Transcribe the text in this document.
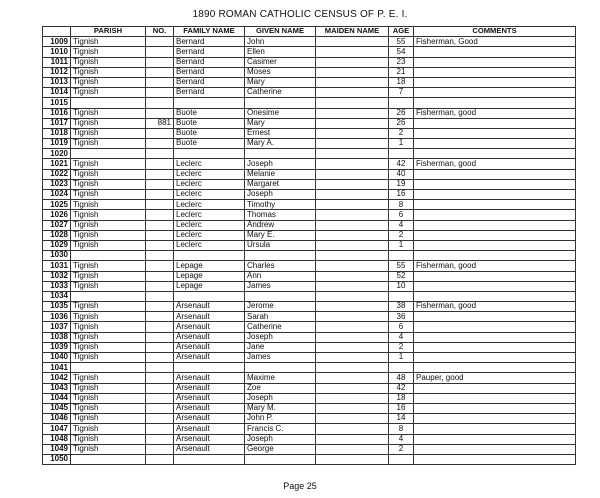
1890 ROMAN CATHOLIC CENSUS OF P. E. I.
	PARISH	NO.	FAMILY NAME	GIVEN NAME	MAIDEN NAME	AGE	COMMENTS
1009	Tignish		Bernard	John		55	Fisherman, Good
1010	Tignish		Bernard	Ellen		54	
1011	Tignish		Bernard	Casimer		23	
1012	Tignish		Bernard	Moses		21	
1013	Tignish		Bernard	Mary		18	
1014	Tignish		Bernard	Catherine		7	
1015							
1016	Tignish		Buote	Onesime		26	Fisherman, good
1017	Tignish	881	Buote	Mary		26	
1018	Tignish		Buote	Ernest		2	
1019	Tignish		Buote	Mary A.		1	
1020							
1021	Tignish		Leclerc	Joseph		42	Fisherman, good
1022	Tignish		Leclerc	Melanie		40	
1023	Tignish		Leclerc	Margaret		19	
1024	Tignish		Leclerc	Joseph		16	
1025	Tignish		Leclerc	Timothy		8	
1026	Tignish		Leclerc	Thomas		6	
1027	Tignish		Leclerc	Andrew		4	
1028	Tignish		Leclerc	Mary E.		2	
1029	Tignish		Leclerc	Ursula		1	
1030							
1031	Tignish		Lepage	Charles		55	Fisherman, good
1032	Tignish		Lepage	Ann		52	
1033	Tignish		Lepage	James		10	
1034							
1035	Tignish		Arsenault	Jerome		38	Fisherman, good
1036	Tignish		Arsenault	Sarah		36	
1037	Tignish		Arsenault	Catherine		6	
1038	Tignish		Arsenault	Joseph		4	
1039	Tignish		Arsenault	Jane		2	
1040	Tignish		Arsenault	James		1	
1041							
1042	Tignish		Arsenault	Maxime		48	Pauper, good
1043	Tignish		Arsenault	Zoe		42	
1044	Tignish		Arsenault	Joseph		18	
1045	Tignish		Arsenault	Mary M.		16	
1046	Tignish		Arsenault	John P.		14	
1047	Tignish		Arsenault	Francis C.		8	
1048	Tignish		Arsenault	Joseph		4	
1049	Tignish		Arsenault	George		2	
1050							
Page 25
